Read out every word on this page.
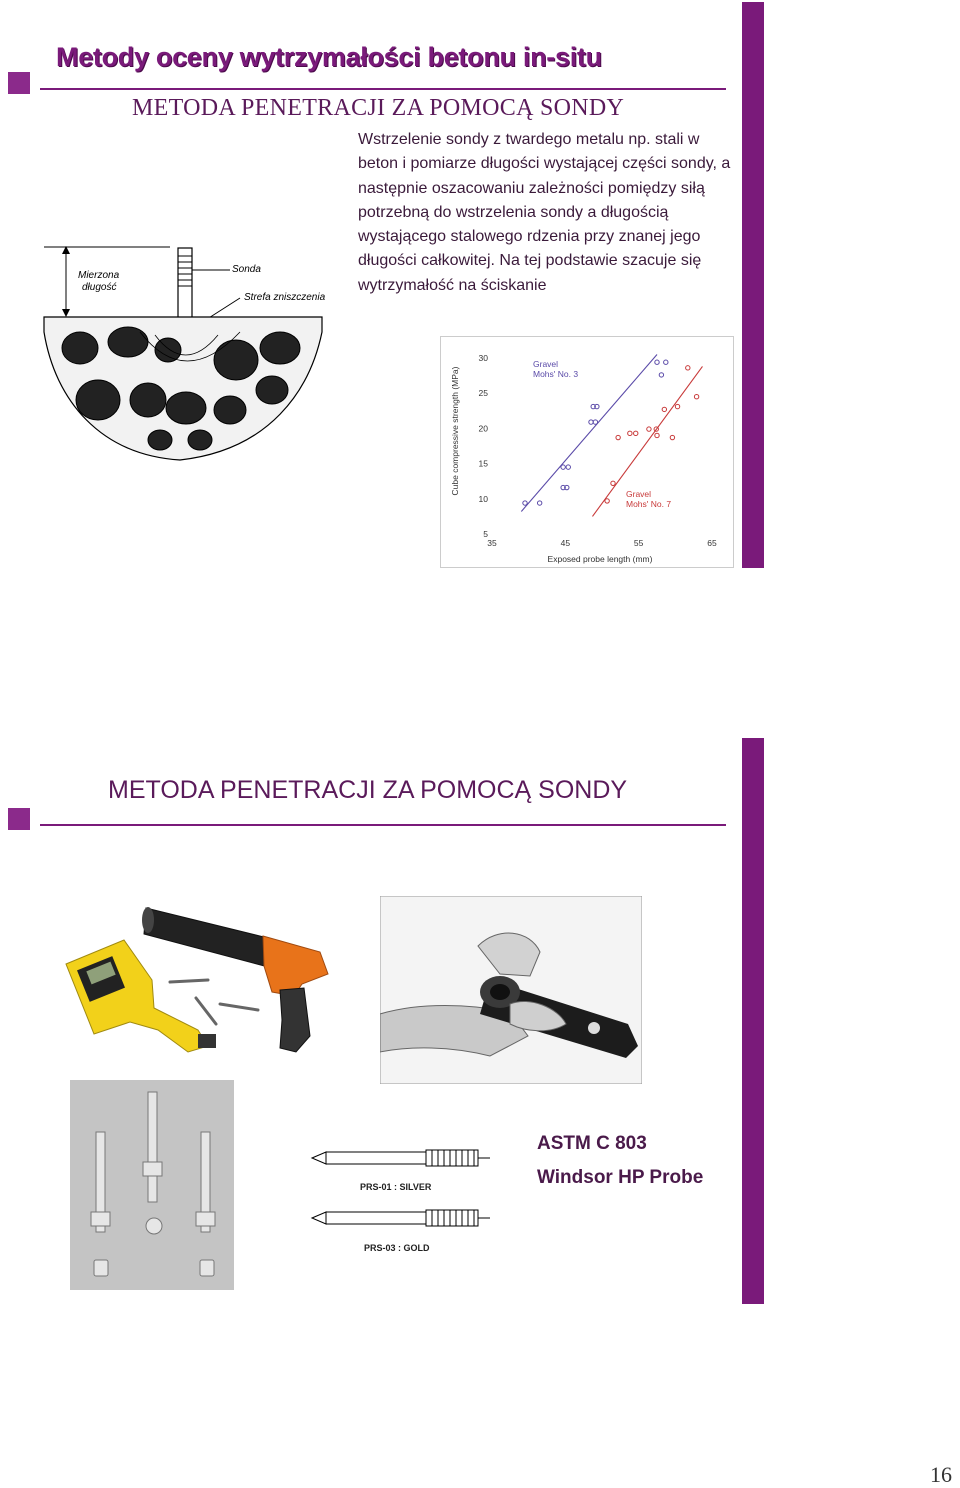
Metody oceny wytrzymałości betonu in-situ
METODA PENETRACJI ZA POMOCĄ SONDY
Wstrzelenie sondy z twardego metalu np. stali w beton i pomiarze długości wystającej części sondy, a następnie oszacowaniu zależności pomiędzy siłą potrzebną do wstrzelenia sondy a długością wystającego stalowego rdzenia przy znanej jego długości całkowitej. Na tej podstawie szacuje się wytrzymałość na ściskanie
Mierzona
długość
Sonda
Strefa zniszczenia
35	45	55	65
5
10
15
20
25
30
Exposed probe length (mm)
Cube compressive strength (MPa)
Gravel
Mohs' No. 3
Gravel
Mohs' No. 7
METODA PENETRACJI ZA POMOCĄ SONDY
PRS-01 : SILVER
PRS-03 : GOLD
ASTM C 803
Windsor HP Probe
16
